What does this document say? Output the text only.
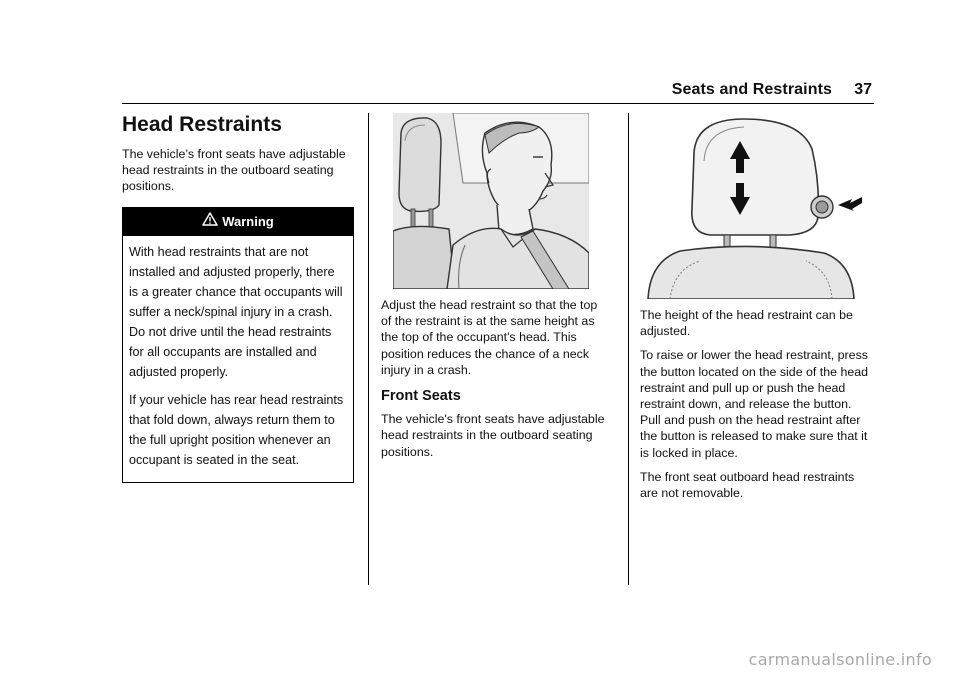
Seats and Restraints 37
Head Restraints

The vehicle’s front seats have adjustable head restraints in the outboard seating positions.

Warning

With head restraints that are not installed and adjusted properly, there is a greater chance that occupants will suffer a neck/spinal injury in a crash. Do not drive until the head restraints for all occupants are installed and adjusted properly.

If your vehicle has rear head restraints that fold down, always return them to the full upright position whenever an occupant is seated in the seat.

Adjust the head restraint so that the top of the restraint is at the same height as the top of the occupant's head. This position reduces the chance of a neck injury in a crash.

Front Seats

The vehicle's front seats have adjustable head restraints in the outboard seating positions.

The height of the head restraint can be adjusted.

To raise or lower the head restraint, press the button located on the side of the head restraint and pull up or push the head restraint down, and release the button. Pull and push on the head restraint after the button is released to make sure that it is locked in place.

The front seat outboard head restraints are not removable.

carmanualsonline.info
